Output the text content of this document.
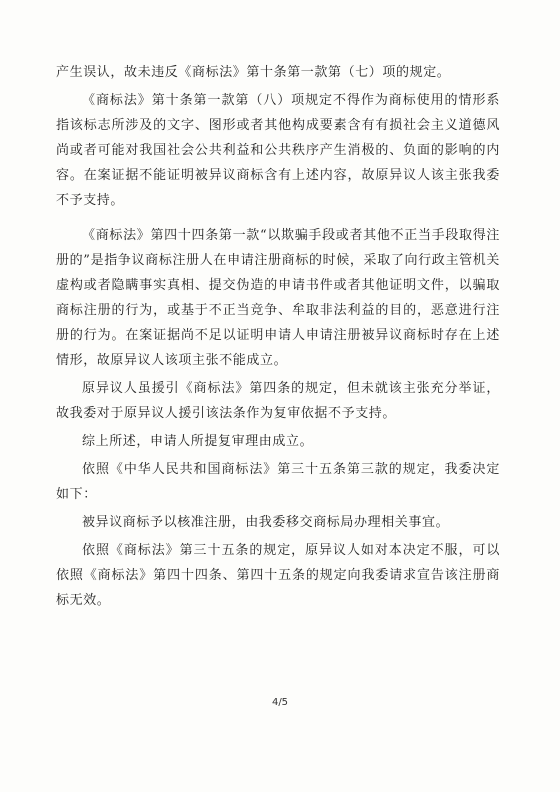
产生误认，故未违反《商标法》第十条第一款第（七）项的规定。

《商标法》第十条第一款第（八）项规定不得作为商标使用的情形系指该标志所涉及的文字、图形或者其他构成要素含有有损社会主义道德风尚或者可能对我国社会公共利益和公共秩序产生消极的、负面的影响的内容。在案证据不能证明被异议商标含有上述内容，故原异议人该主张我委不予支持。

《商标法》第四十四条第一款“以欺骗手段或者其他不正当手段取得注册的”是指争议商标注册人在申请注册商标的时候，采取了向行政主管机关虚构或者隐瞒事实真相、提交伪造的申请书件或者其他证明文件，以骗取商标注册的行为，或基于不正当竞争、牟取非法利益的目的，恶意进行注册的行为。在案证据尚不足以证明申请人申请注册被异议商标时存在上述情形，故原异议人该项主张不能成立。

原异议人虽援引《商标法》第四条的规定，但未就该主张充分举证，故我委对于原异议人援引该法条作为复审依据不予支持。

综上所述，申请人所提复审理由成立。

依照《中华人民共和国商标法》第三十五条第三款的规定，我委决定如下：

被异议商标予以核准注册，由我委移交商标局办理相关事宜。

依照《商标法》第三十五条的规定，原异议人如对本决定不服，可以依照《商标法》第四十四条、第四十五条的规定向我委请求宣告该注册商标无效。

4/5
